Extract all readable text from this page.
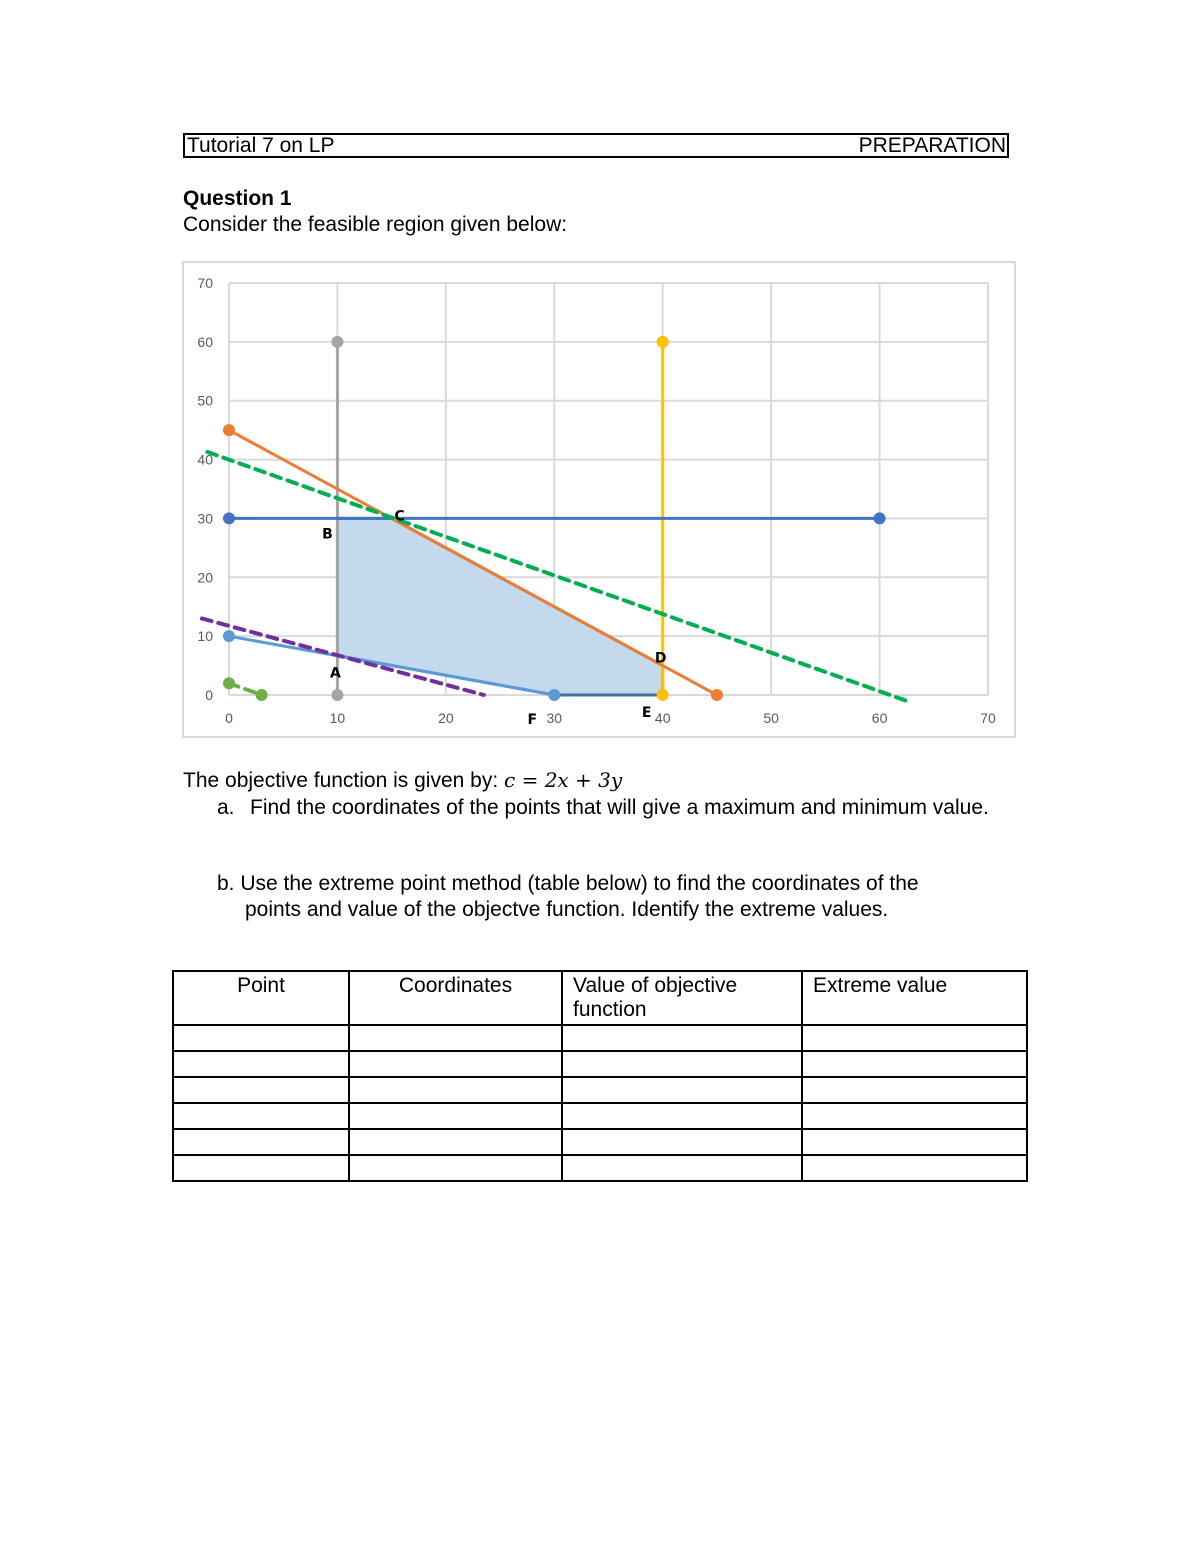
Tutorial 7 on LP	PREPARATION
Question 1
Consider the feasible region given below:
0	10	20	30	40	50	60	70
0
10
20
30
40
50
60
70
A
B
C
D
E
F
The objective function is given by: c = 2x + 3y
a. Find the coordinates of the points that will give a maximum and minimum value.
b. Use the extreme point method (table below) to find the coordinates of the
points and value of the objectve function. Identify the extreme values.
Point	Coordinates	Value of objective function	Extreme value
